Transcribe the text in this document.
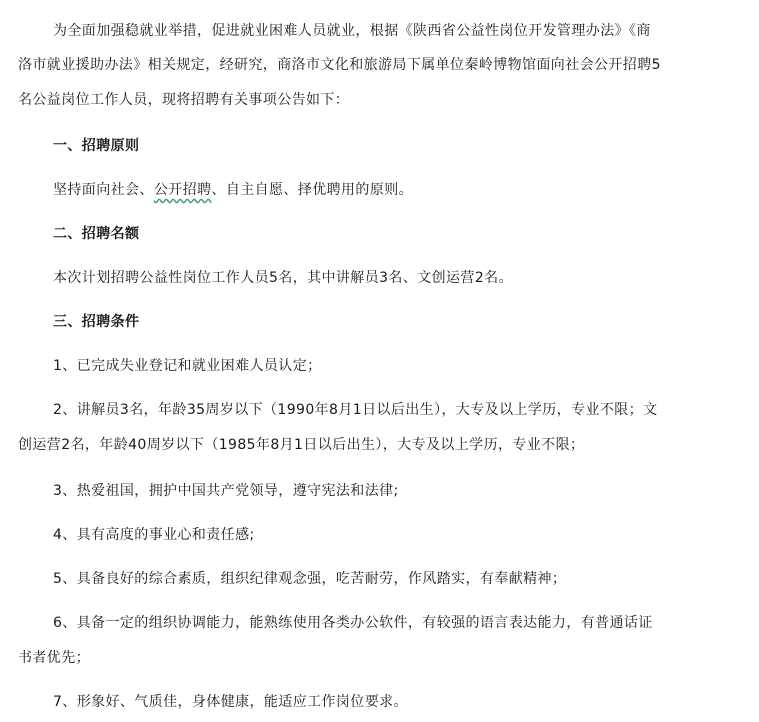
为全面加强稳就业举措，促进就业困难人员就业，根据《陕西省公益性岗位开发管理办法》《商
洛市就业援助办法》相关规定，经研究，商洛市文化和旅游局下属单位秦岭博物馆面向社会公开招聘5
名公益岗位工作人员，现将招聘有关事项公告如下：
一、招聘原则
坚持面向社会、公开招聘、自主自愿、择优聘用的原则。
二、招聘名额
本次计划招聘公益性岗位工作人员5名，其中讲解员3名、文创运营2名。
三、招聘条件
1、已完成失业登记和就业困难人员认定；
2、讲解员3名，年龄35周岁以下（1990年8月1日以后出生），大专及以上学历，专业不限；文
创运营2名，年龄40周岁以下（1985年8月1日以后出生），大专及以上学历，专业不限；
3、热爱祖国，拥护中国共产党领导，遵守宪法和法律;
4、具有高度的事业心和责任感;
5、具备良好的综合素质，组织纪律观念强，吃苦耐劳，作风踏实，有奉献精神；
6、具备一定的组织协调能力，能熟练使用各类办公软件，有较强的语言表达能力，有普通话证
书者优先；
7、形象好、气质佳，身体健康，能适应工作岗位要求。
